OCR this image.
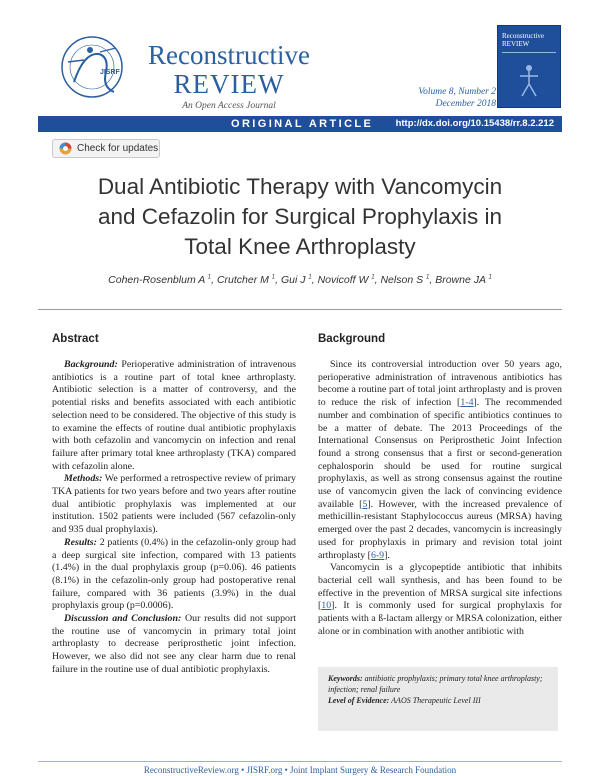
JISRF
Reconstructive
REVIEW
An Open Access Journal
Reconstructive
REVIEW
Volume 8, Number 2
December 2018
ORIGINAL ARTICLE http://dx.doi.org/10.15438/rr.8.2.212
Check for updates
Dual Antibiotic Therapy with Vancomycin
and Cefazolin for Surgical Prophylaxis in
Total Knee Arthroplasty
Cohen-Rosenblum A $^1$, Crutcher M $^1$, Gui J $^1$, Novicoff W $^1$, Nelson S $^1$, Browne JA $^1$
Abstract

Background: Perioperative administration of intravenous antibiotics is a routine part of total knee arthroplasty. Antibiotic selection is a matter of controversy, and the potential risks and benefits associated with each antibiotic selection need to be considered. The objective of this study is to examine the effects of routine dual antibiotic prophylaxis with both cefazolin and vancomycin on infection and renal failure after primary total knee arthroplasty (TKA) compared with cefazolin alone.

Methods: We performed a retrospective review of primary TKA patients for two years before and two years after routine dual antibiotic prophylaxis was implemented at our institution. 1502 patients were included (567 cefazolin-only and 935 dual prophylaxis).

Results: 2 patients (0.4%) in the cefazolin-only group had a deep surgical site infection, compared with 13 patients (1.4%) in the dual prophylaxis group (p=0.06). 46 patients (8.1%) in the cefazolin-only group had postoperative renal failure, compared with 36 patients (3.9%) in the dual prophylaxis group (p=0.0006).

Discussion and Conclusion: Our results did not support the routine use of vancomycin in primary total joint arthroplasty to decrease periprosthetic joint infection. However, we also did not see any clear harm due to renal failure in the routine use of dual antibiotic prophylaxis.

Background

Since its controversial introduction over 50 years ago, perioperative administration of intravenous antibiotics has become a routine part of total joint arthroplasty and is proven to reduce the risk of infection [1-4]. The recommended number and combination of specific antibiotics continues to be a matter of debate. The 2013 Proceedings of the International Consensus on Periprosthetic Joint Infection found a strong consensus that a first or second-generation cephalosporin should be used for routine surgical prophylaxis, as well as strong consensus against the routine use of vancomycin given the lack of convincing evidence available [5]. However, with the increased prevalence of methicillin-resistant Staphylococcus aureus (MRSA) having emerged over the past 2 decades, vancomycin is increasingly used for prophylaxis in primary and revision total joint arthroplasty [6-9].

Vancomycin is a glycopeptide antibiotic that inhibits bacterial cell wall synthesis, and has been found to be effective in the prevention of MRSA surgical site infections [10]. It is commonly used for surgical prophylaxis for patients with a ß-lactam allergy or MRSA colonization, either alone or in combination with another antibiotic with

Keywords: antibiotic prophylaxis; primary total knee arthroplasty; infection; renal failure
Level of Evidence: AAOS Therapeutic Level III
ReconstructiveReview.org • JISRF.org • Joint Implant Surgery & Research Foundation
